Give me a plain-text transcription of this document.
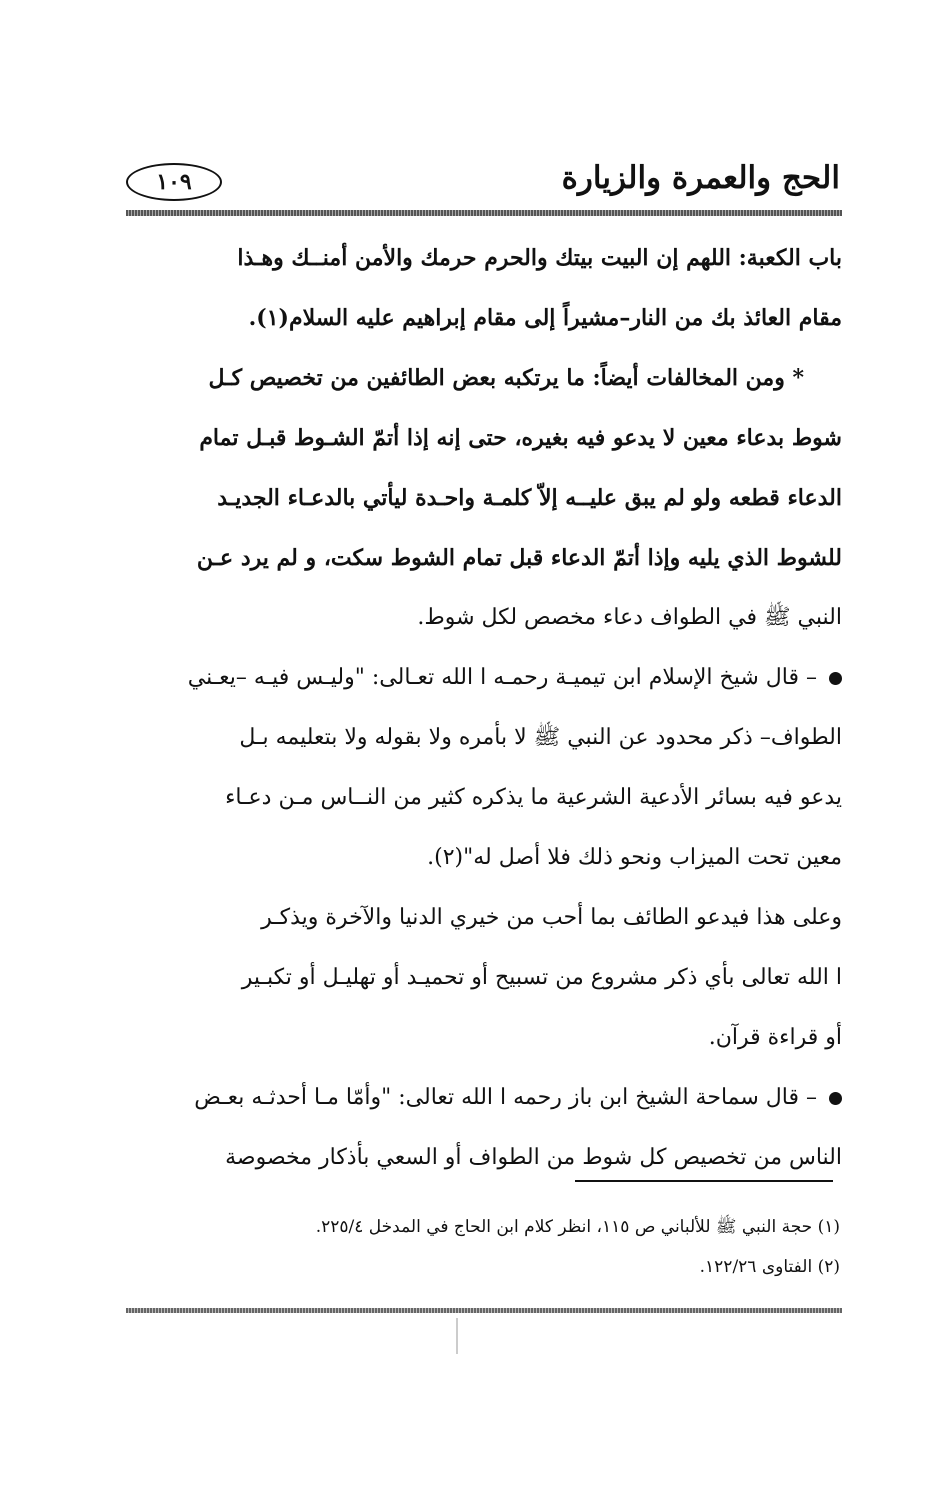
الحج والعمرة والزيارة
١٠٩

باب الكعبة: اللهم إن البيت بيتك والحرم حرمك والأمن أمنــك وهـذا
مقام العائذ بك من النار–مشيراً إلى مقام إبراهيم عليه السلام(١).

* ومن المخالفات أيضاً: ما يرتكبه بعض الطائفين من تخصيص كـل
شوط بدعاء معين لا يدعو فيه بغيره، حتى إنه إذا أتمّ الشـوط قبـل تمام
الدعاء قطعه ولو لم يبق عليــه إلاّ كلمـة واحـدة ليأتي بالدعـاء الجديـد
للشوط الذي يليه وإذا أتمّ الدعاء قبل تمام الشوط سكت، و لم يرد عـن

النبي ﷺ في الطواف دعاء مخصص لكل شوط.

– قال شيخ الإسلام ابن تيميـة رحمـه ا الله تعـالى: "وليـس فيـه –يعـني
الطواف– ذكر محدود عن النبي ﷺ لا بأمره ولا بقوله ولا بتعليمه بـل
يدعو فيه بسائر الأدعية الشرعية ما يذكره كثير من النــاس مـن دعـاء
معين تحت الميزاب ونحو ذلك فلا أصل له"(٢).

وعلى هذا فيدعو الطائف بما أحب من خيري الدنيا والآخرة ويذكـر
ا الله تعالى بأي ذكر مشروع من تسبيح أو تحميـد أو تهليـل أو تكبـير
أو قراءة قرآن.

– قال سماحة الشيخ ابن باز رحمه ا الله تعالى: "وأمّا مـا أحدثـه بعـض
الناس من تخصيص كل شوط من الطواف أو السعي بأذكار مخصوصة

(١) حجة النبي ﷺ للألباني ص ١١٥، انظر كلام ابن الحاج في المدخل ٢٢٥/٤.
(٢) الفتاوى ١٢٢/٢٦.
